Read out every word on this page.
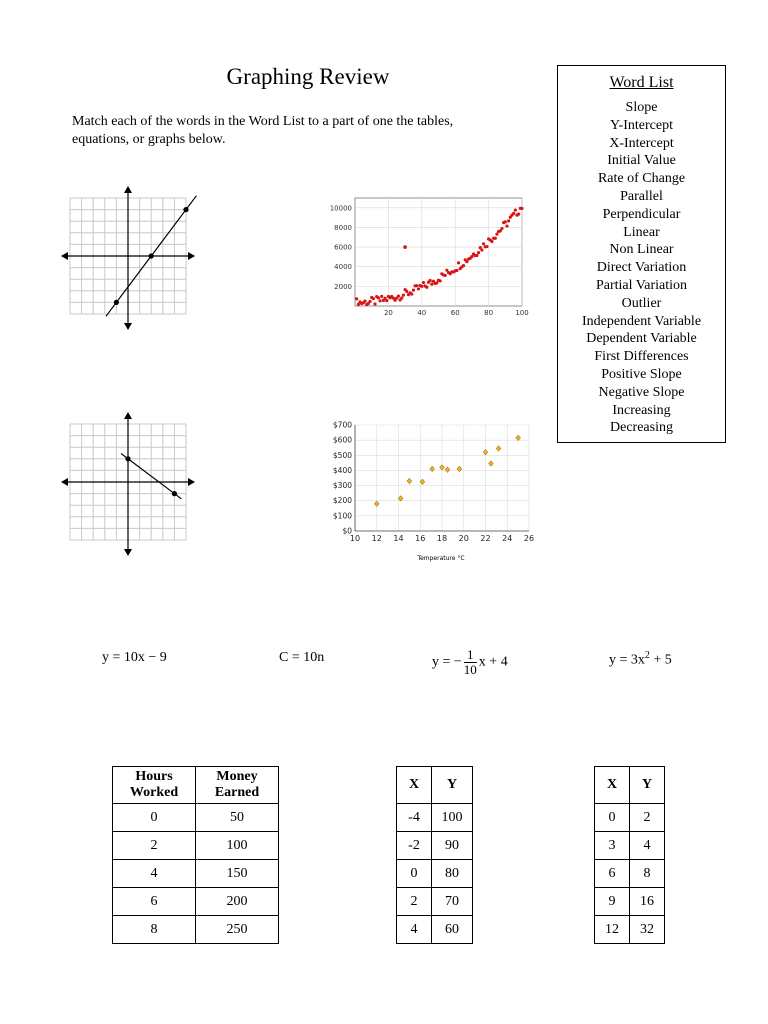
Graphing Review
Match each of the words in the Word List to a part of one the tables, equations, or graphs below.
Word List
Slope
Y-Intercept
X-Intercept
Initial Value
Rate of Change
Parallel
Perpendicular
Linear
Non Linear
Direct Variation
Partial Variation
Outlier
Independent Variable
Dependent Variable
First Differences
Positive Slope
Negative Slope
Increasing
Decreasing
20	40	60	80	100
2000
4000
6000
8000
10000
10 12 14 16 18 20 22 24 26
$700
$600
$500
$400
$300
$200
$100
$0
Temperature °C
y = 10x − 9	C = 10n	y = − $\frac{1}{10}$ x + 4	$y = 3x^2 + 5$
Hours Worked	Money Earned
0	50
2	100
4	150
6	200
8	250
X	Y
-4	100
-2	90
0	80
2	70
4	60
X	Y
0	2
3	4
6	8
9	16
12	32
